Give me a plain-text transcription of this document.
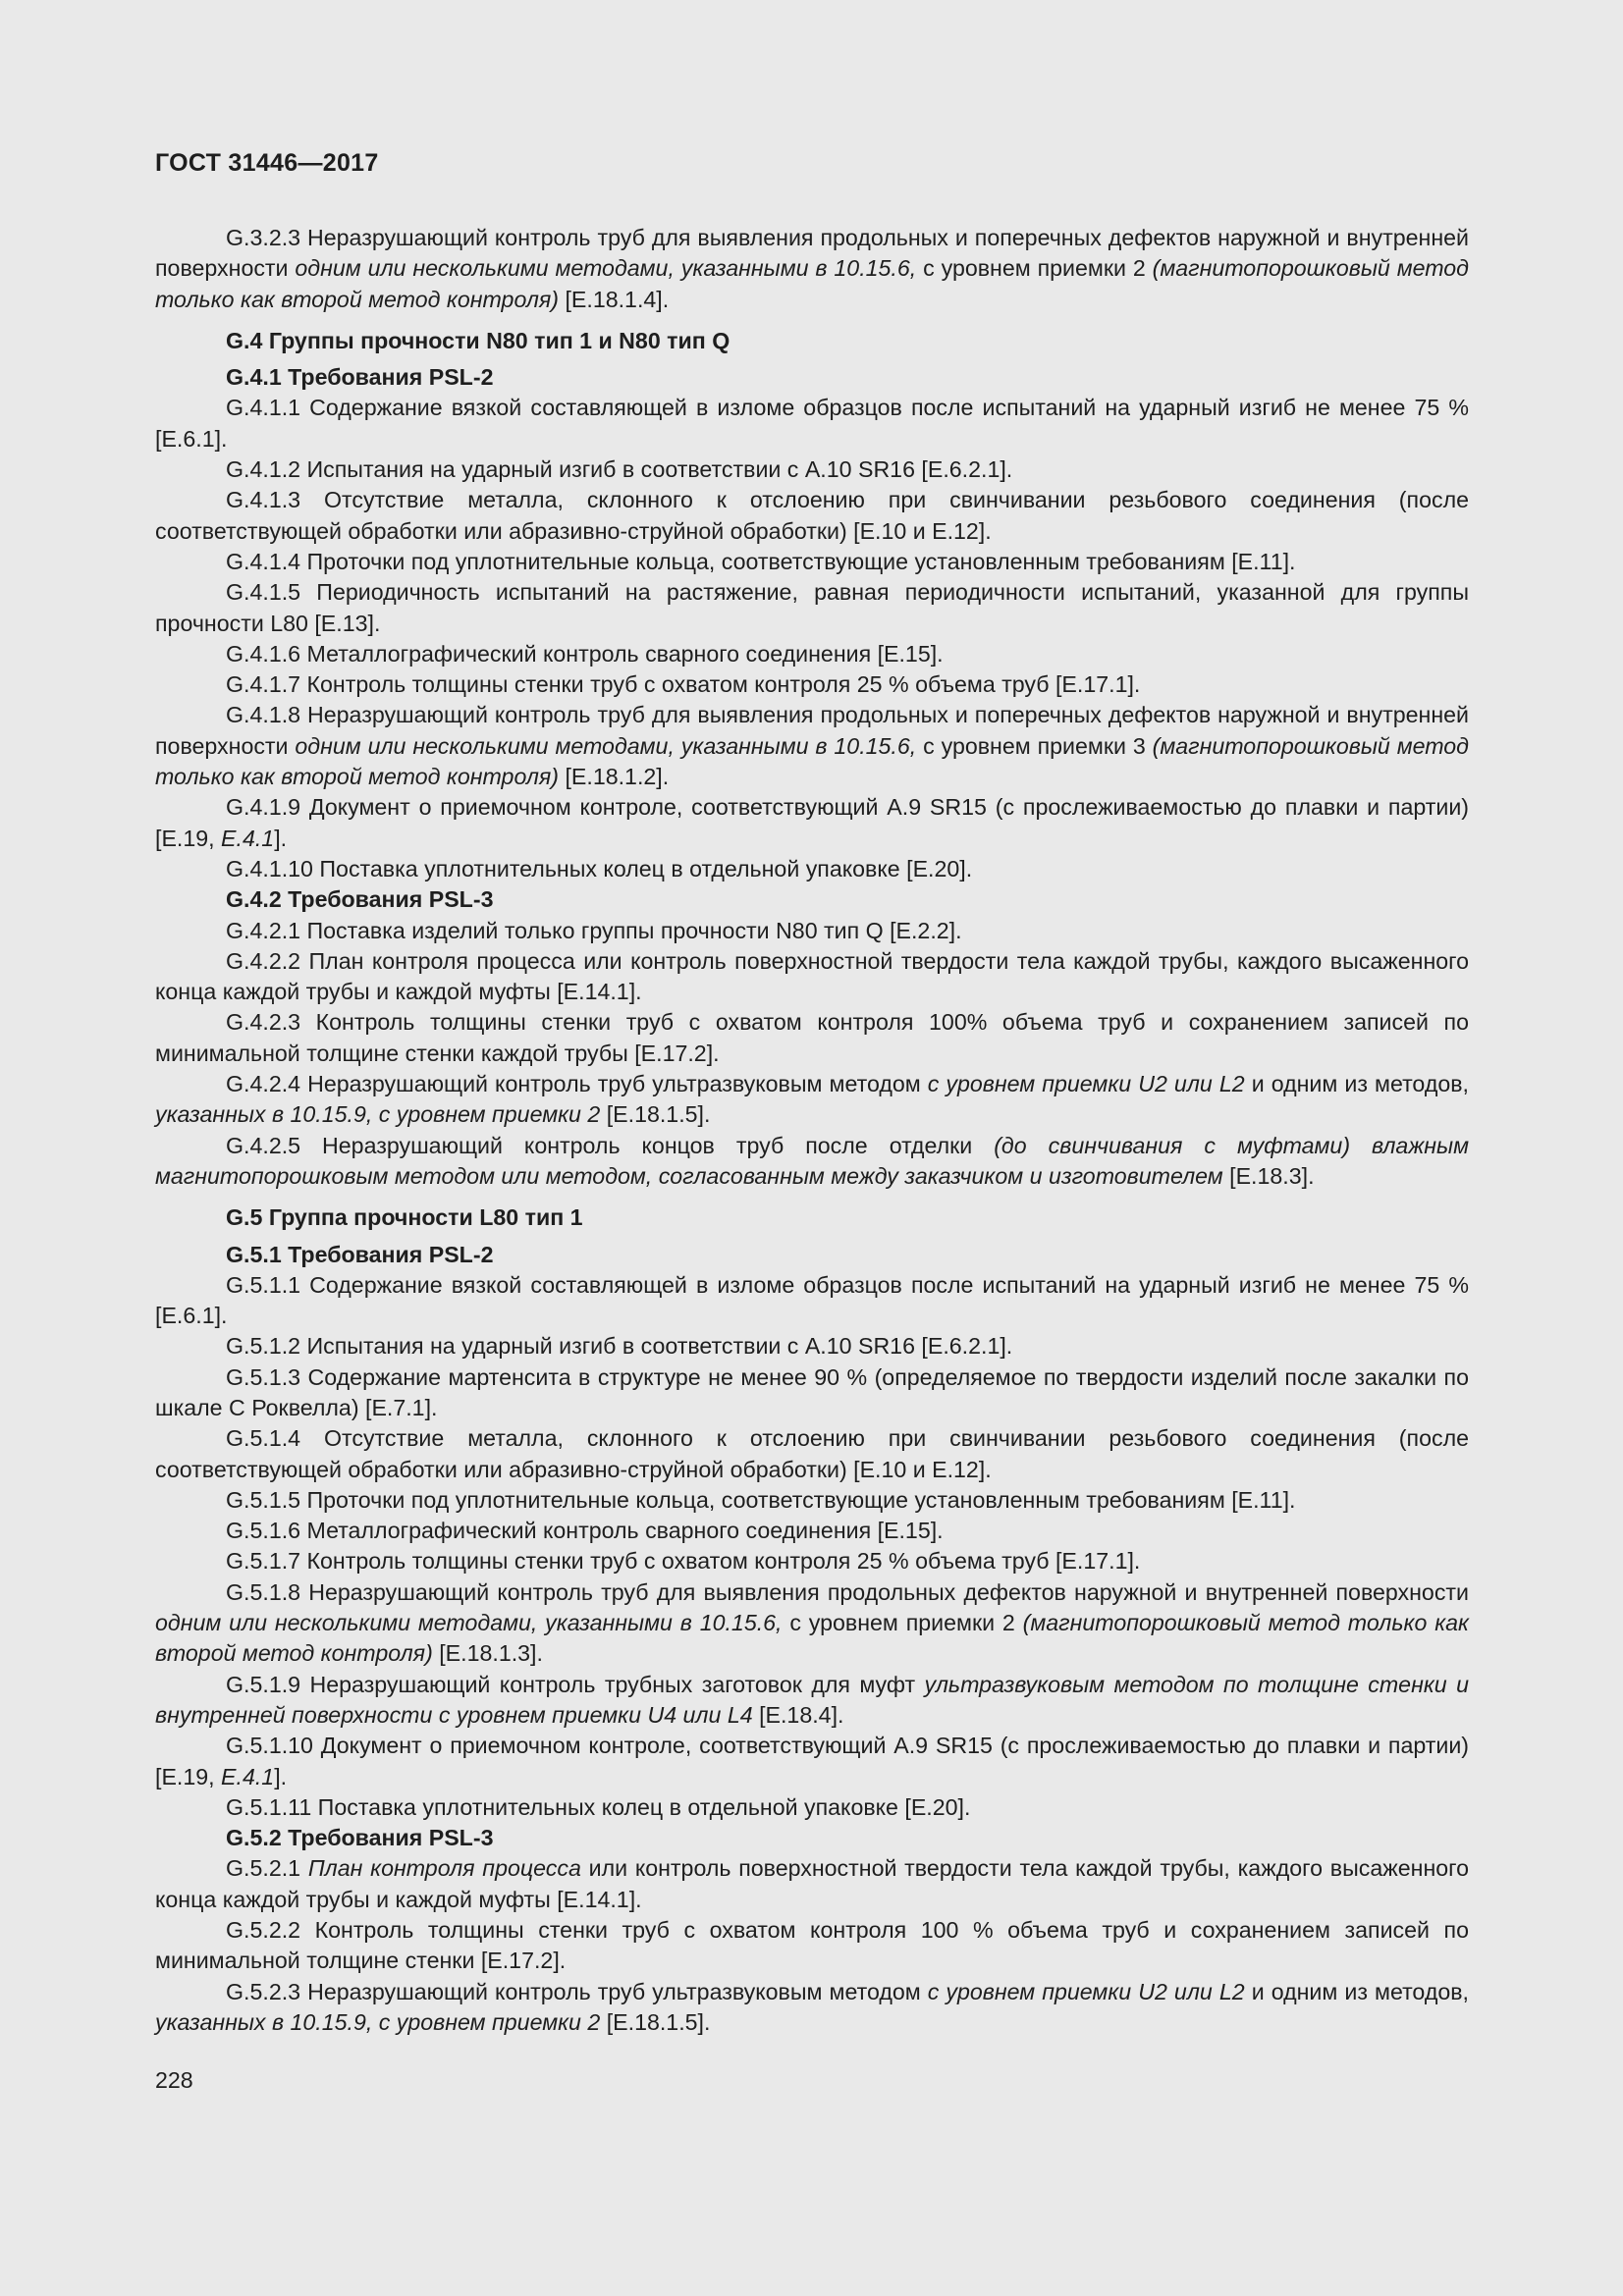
ГОСТ 31446—2017
G.3.2.3 Неразрушающий контроль труб для выявления продольных и поперечных дефектов наружной и внутренней поверхности одним или несколькими методами, указанными в 10.15.6, с уровнем приемки 2 (магнитопорошковый метод только как второй метод контроля) [E.18.1.4].
G.4 Группы прочности N80 тип 1 и N80 тип Q
G.4.1 Требования PSL-2
G.4.1.1 Содержание вязкой составляющей в изломе образцов после испытаний на ударный изгиб не менее 75 % [E.6.1].
G.4.1.2 Испытания на ударный изгиб в соответствии с A.10 SR16 [E.6.2.1].
G.4.1.3 Отсутствие металла, склонного к отслоению при свинчивании резьбового соединения (после соответствующей обработки или абразивно-струйной обработки) [E.10 и E.12].
G.4.1.4 Проточки под уплотнительные кольца, соответствующие установленным требованиям [E.11].
G.4.1.5 Периодичность испытаний на растяжение, равная периодичности испытаний, указанной для группы прочности L80 [E.13].
G.4.1.6 Металлографический контроль сварного соединения [E.15].
G.4.1.7 Контроль толщины стенки труб с охватом контроля 25 % объема труб [E.17.1].
G.4.1.8 Неразрушающий контроль труб для выявления продольных и поперечных дефектов наружной и внутренней поверхности одним или несколькими методами, указанными в 10.15.6, с уровнем приемки 3 (магнитопорошковый метод только как второй метод контроля) [E.18.1.2].
G.4.1.9 Документ о приемочном контроле, соответствующий A.9 SR15 (с прослеживаемостью до плавки и партии) [E.19, E.4.1].
G.4.1.10 Поставка уплотнительных колец в отдельной упаковке [E.20].
G.4.2 Требования PSL-3
G.4.2.1 Поставка изделий только группы прочности N80 тип Q [E.2.2].
G.4.2.2 План контроля процесса или контроль поверхностной твердости тела каждой трубы, каждого высаженного конца каждой трубы и каждой муфты [E.14.1].
G.4.2.3 Контроль толщины стенки труб с охватом контроля 100% объема труб и сохранением записей по минимальной толщине стенки каждой трубы [E.17.2].
G.4.2.4 Неразрушающий контроль труб ультразвуковым методом с уровнем приемки U2 или L2 и одним из методов, указанных в 10.15.9, с уровнем приемки 2 [E.18.1.5].
G.4.2.5 Неразрушающий контроль концов труб после отделки (до свинчивания с муфтами) влажным магнитопорошковым методом или методом, согласованным между заказчиком и изготовителем [E.18.3].
G.5 Группа прочности L80 тип 1
G.5.1 Требования PSL-2
G.5.1.1 Содержание вязкой составляющей в изломе образцов после испытаний на ударный изгиб не менее 75 % [E.6.1].
G.5.1.2 Испытания на ударный изгиб в соответствии с A.10 SR16 [E.6.2.1].
G.5.1.3 Содержание мартенсита в структуре не менее 90 % (определяемое по твердости изделий после закалки по шкале С Роквелла) [E.7.1].
G.5.1.4 Отсутствие металла, склонного к отслоению при свинчивании резьбового соединения (после соответствующей обработки или абразивно-струйной обработки) [E.10 и E.12].
G.5.1.5 Проточки под уплотнительные кольца, соответствующие установленным требованиям [E.11].
G.5.1.6 Металлографический контроль сварного соединения [E.15].
G.5.1.7 Контроль толщины стенки труб с охватом контроля 25 % объема труб [E.17.1].
G.5.1.8 Неразрушающий контроль труб для выявления продольных дефектов наружной и внутренней поверхности одним или несколькими методами, указанными в 10.15.6, с уровнем приемки 2 (магнитопорошковый метод только как второй метод контроля) [E.18.1.3].
G.5.1.9 Неразрушающий контроль трубных заготовок для муфт ультразвуковым методом по толщине стенки и внутренней поверхности с уровнем приемки U4 или L4 [E.18.4].
G.5.1.10 Документ о приемочном контроле, соответствующий A.9 SR15 (с прослеживаемостью до плавки и партии) [E.19, E.4.1].
G.5.1.11 Поставка уплотнительных колец в отдельной упаковке [E.20].
G.5.2 Требования PSL-3
G.5.2.1 План контроля процесса или контроль поверхностной твердости тела каждой трубы, каждого высаженного конца каждой трубы и каждой муфты [E.14.1].
G.5.2.2 Контроль толщины стенки труб с охватом контроля 100 % объема труб и сохранением записей по минимальной толщине стенки [E.17.2].
G.5.2.3 Неразрушающий контроль труб ультразвуковым методом с уровнем приемки U2 или L2 и одним из методов, указанных в 10.15.9, с уровнем приемки 2 [E.18.1.5].
228
